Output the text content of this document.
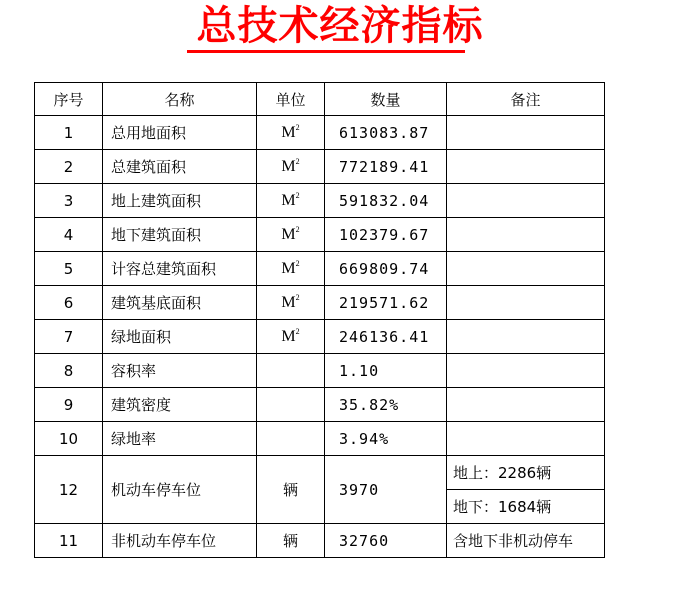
总技术经济指标
序号	名称	单位	数量	备注
1	总用地面积	$M^2$	613083.87	
2	总建筑面积	$M^2$	772189.41	
3	地上建筑面积	$M^2$	591832.04	
4	地下建筑面积	$M^2$	102379.67	
5	计容总建筑面积	$M^2$	669809.74	
6	建筑基底面积	$M^2$	219571.62	
7	绿地面积	$M^2$	246136.41	
8	容积率		1.10	
9	建筑密度		35.82%	
10	绿地率		3.94%	
12	机动车停车位	辆	3970	地上：2286辆
				地下：1684辆
11	非机动车停车位	辆	32760	含地下非机动停车
